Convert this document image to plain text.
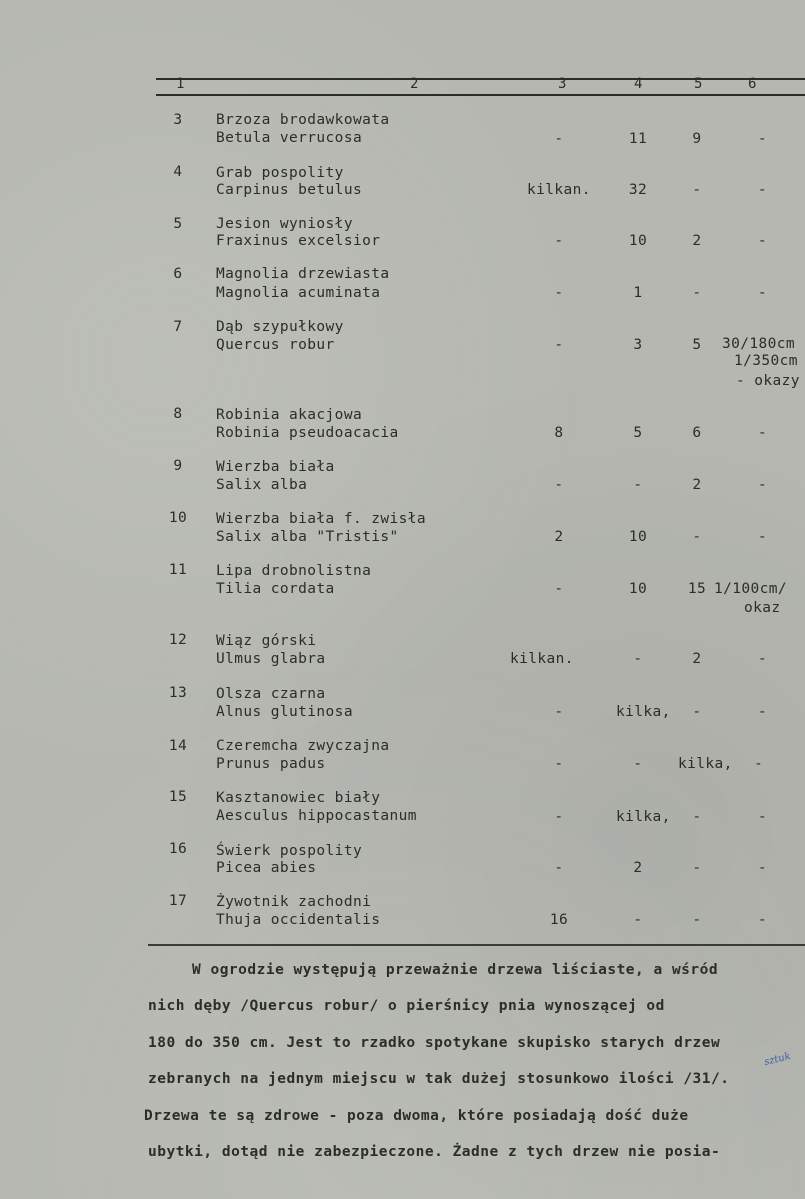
1	2	3	4	5	6
3	Brzoza brodawkowata
Betula verrucosa	-	11	9	-
4	Grab pospolity
Carpinus betulus	kilkan.	32	-	-
5	Jesion wyniosły
Fraxinus excelsior	-	10	2	-
6	Magnolia drzewiasta
Magnolia acuminata	-	1	-	-
7	Dąb szypułkowy
Quercus robur	-	3	5	30/180cm
1/350cm
- okazy
8	Robinia akacjowa
Robinia pseudoacacia	8	5	6	-
9	Wierzba biała
Salix alba	-	-	2	-
10 Wierzba biała f. zwisła
Salix alba "Tristis"	2	10	-	-
11 Lipa drobnolistna
Tilia cordata	-	10	15 1/100cm/
okaz
12 Wiąz górski
Ulmus glabra	kilkan.	-	2	-
13 Olsza czarna
Alnus glutinosa	-	kilka,	-	-
14 Czeremcha zwyczajna
Prunus padus	-	-	kilka, -
15 Kasztanowiec biały
Aesculus hippocastanum	-	kilka,	-	-
16 Świerk pospolity
Picea abies	-	2	-	-
17 Żywotnik zachodni
Thuja occidentalis	16	-	-	-
W ogrodzie występują przeważnie drzewa liściaste, a wśród
nich dęby /Quercus robur/ o pierśnicy pnia wynoszącej od
180 do 350 cm. Jest to rzadko spotykane skupisko starych drzew
zebranych na jednym miejscu w tak dużej stosunkowo ilości /31/.
Drzewa te są zdrowe - poza dwoma, które posiadają dość duże
ubytki, dotąd nie zabezpieczone. Żadne z tych drzew nie posia-
sztuk
